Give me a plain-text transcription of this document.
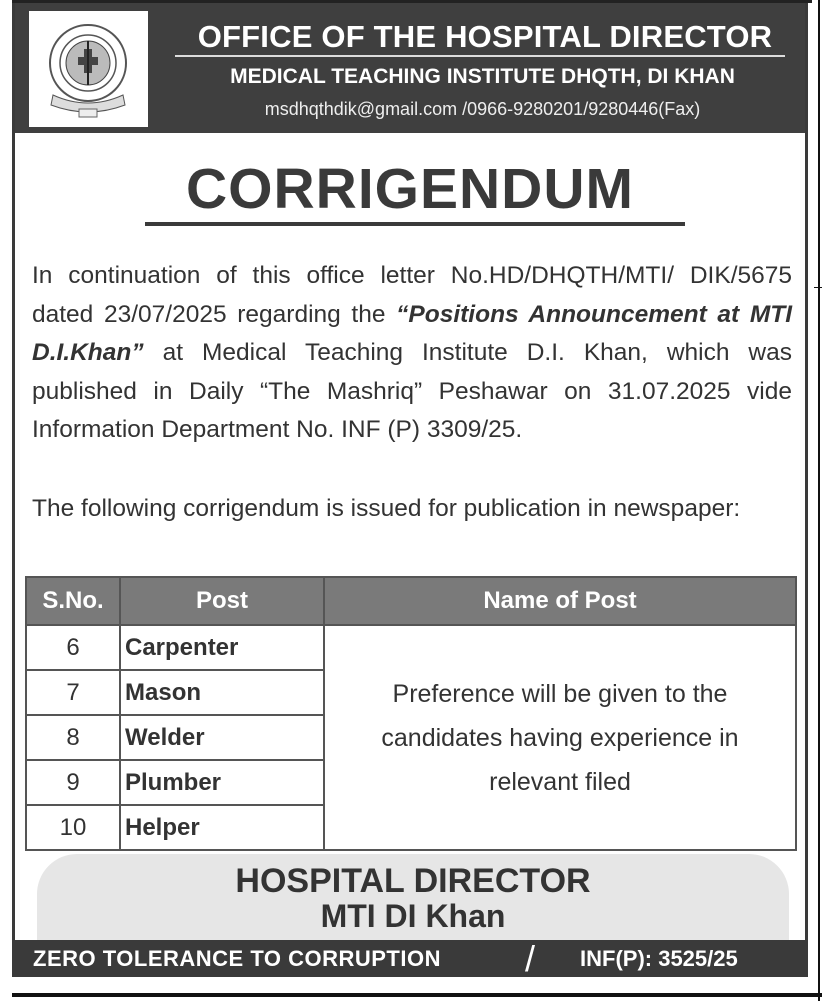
OFFICE OF THE HOSPITAL DIRECTOR
MEDICAL TEACHING INSTITUTE DHQTH, DI KHAN
msdhqthdik@gmail.com /0966-9280201/9280446(Fax)
CORRIGENDUM
In continuation of this office letter No.HD/DHQTH/MTI/ DIK/5675 dated 23/07/2025 regarding the “Positions Announcement at MTI D.I.Khan” at Medical Teaching Institute D.I. Khan, which was published in Daily “The Mashriq” Peshawar on 31.07.2025 vide Information Department No. INF (P) 3309/25.
The following corrigendum is issued for publication in newspaper:
S.No.	Post	Name of Post
6	Carpenter	Preference will be given to the candidates having experience in relevant filed
7	Mason	
8	Welder	
9	Plumber	
10	Helper	
HOSPITAL DIRECTOR
MTI DI Khan
ZERO TOLERANCE TO CORRUPTION / INF(P): 3525/25
